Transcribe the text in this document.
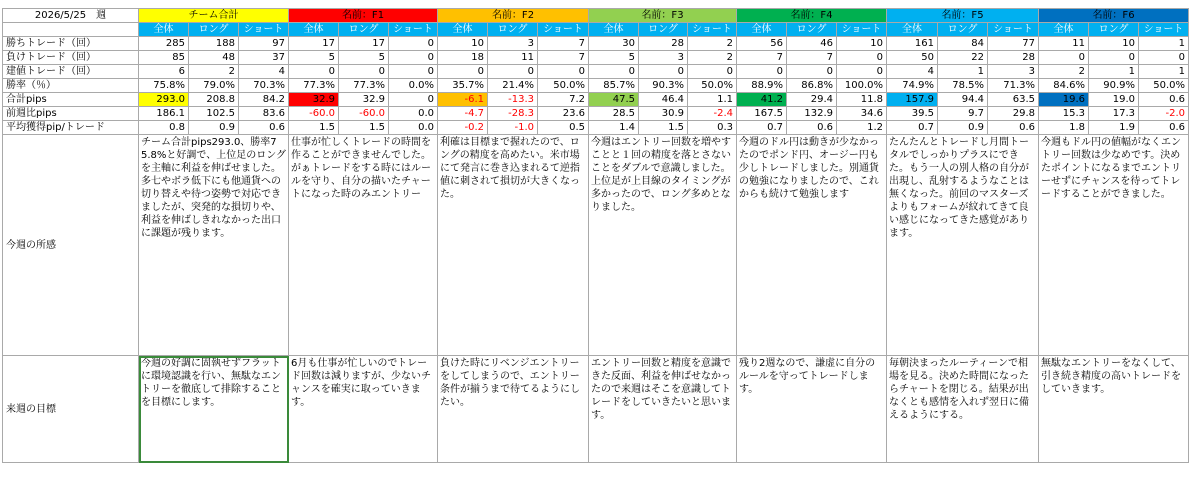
2026/5/25　週	チーム合計			名前：F1			名前：F2			名前：F3			名前：F4			名前：F5			名前：F6		
	全体	ロング	ショート	全体	ロング	ショート	全体	ロング	ショート	全体	ロング	ショート	全体	ロング	ショート	全体	ロング	ショート	全体	ロング	ショート
勝ちトレード（回）	285	188	97	17	17	0	10	3	7	30	28	2	56	46	10	161	84	77	11	10	1
負けトレード（回）	85	48	37	5	5	0	18	11	7	5	3	2	7	7	0	50	22	28	0	0	0
建値トレード（回）	6	2	4	0	0	0	0	0	0	0	0	0	0	0	0	4	1	3	2	1	1
勝率（％）	75.8%	79.0%	70.3%	77.3%	77.3%	0.0%	35.7%	21.4%	50.0%	85.7%	90.3%	50.0%	88.9%	86.8%	100.0%	74.9%	78.5%	71.3%	84.6%	90.9%	50.0%
合計pips	293.0	208.8	84.2	32.9	32.9	0	-6.1	-13.3	7.2	47.5	46.4	1.1	41.2	29.4	11.8	157.9	94.4	63.5	19.6	19.0	0.6
前週比pips	186.1	102.5	83.6	-60.0	-60.0	0.0	-4.7	-28.3	23.6	28.5	30.9	-2.4	167.5	132.9	34.6	39.5	9.7	29.8	15.3	17.3	-2.0
平均獲得pip/トレード	0.8	0.9	0.6	1.5	1.5	0.0	-0.2	-1.0	0.5	1.4	1.5	0.3	0.7	0.6	1.2	0.7	0.9	0.6	1.8	1.9	0.6
今週の所感	チーム合計pips293.0、勝率75.8%と好調で、上位足のロングを主軸に利益を伸ばせました。多七やボラ低下にも他通貨への切り替えや待つ姿勢で対応できましたが、突発的な損切りや、利益を伸ばしきれなかった出口に課題が残ります。			仕事が忙しくトレードの時間を作ることができませんでした。がぁトレードをする時にはルールを守り、自分の描いたチャートになった時のみエントリー			利確は目標まで握れたので、ロングの精度を高めたい。米市場にて発言に巻き込まれるて逆指値に刺されて損切が大きくなった。			今週はエントリー回数を増やすことと１回の精度を落とさないことをダブルで意識しました。上位足が上目線のタイミングが多かったので、ロング多めとなりました。			今週のドル円は動きが少なかったのでポンド円、オージー円も少しトレードしました。別通貨の勉強になりましたので、これからも続けて勉強します			たんたんとトレードし月間トータルでしっかりプラスにできた。もう一人の別人格の自分が出現し、乱射するようなことは無くなった。前回のマスターズよりもフォームが紋れてきて良い感じになってきた感覚があります。			今週もドル円の値幅がなくエントリー回数は少なめです。決めたポイントになるまでエントリーせずにチャンスを待ってトレードすることができました。		
来週の目標	今週の好調に固執せずフラットに環境認識を行い、無駄なエントリーを徹底して排除することを目標にします。			6月も仕事が忙しいのでトレード回数は減りますが、少ないチャンスを確実に取っていきます。			負けた時にリベンジエントリーをしてしまうので、エントリー条件が揃うまで待てるようにしたい。			エントリー回数と精度を意識できた反面、利益を伸ばせなかったので来週はそこを意識してトレードをしていきたいと思います。			残り2週なので、謙虚に自分のルールを守ってトレードします。			毎朝決まったルーティーンで相場を見る。決めた時間になったらチャートを閉じる。結果が出なくとも感情を入れず翌日に備えるようにする。			無駄なエントリーをなくして、引き続き精度の高いトレードをしていきます。		
